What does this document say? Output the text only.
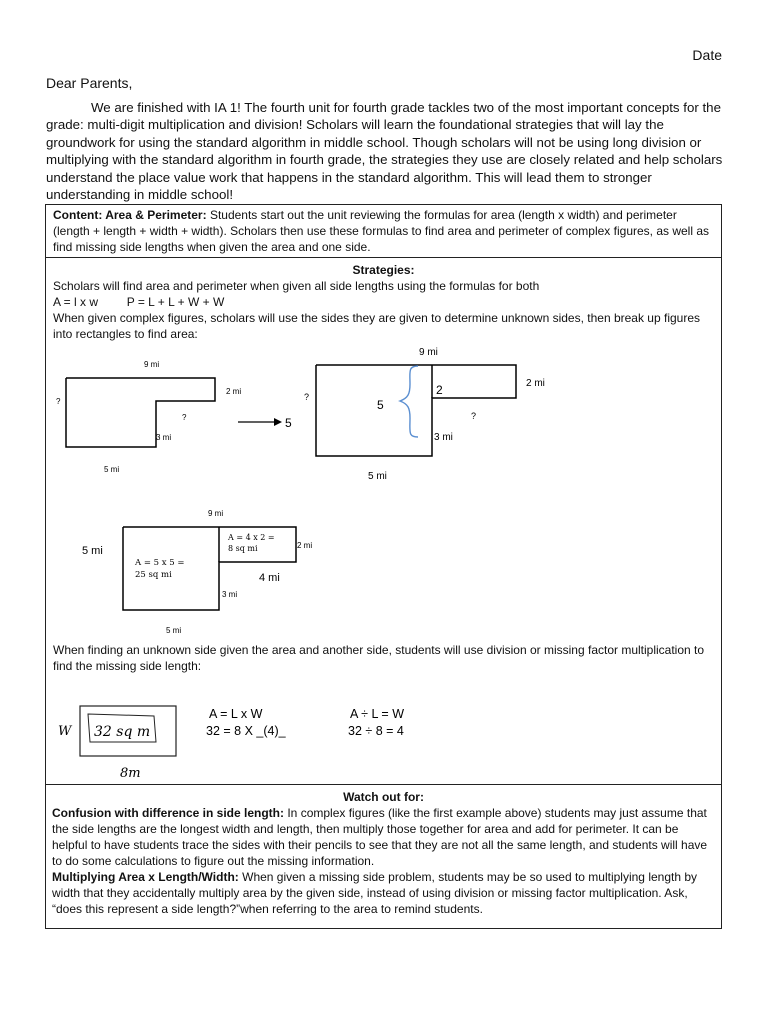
Date
Dear Parents,

We are finished with IA 1! The fourth unit for fourth grade tackles two of the most important concepts for the grade: multi-digit multiplication and division! Scholars will learn the foundational strategies that will lay the groundwork for using the standard algorithm in middle school. Though scholars will not be using long division or multiplying with the standard algorithm in fourth grade, the strategies they use are closely related and help scholars understand the place value work that happens in the standard algorithm. This will lead them to stronger understanding in middle school!

Content: Area & Perimeter: Students start out the unit reviewing the formulas for area (length x width) and perimeter (length + length + width + width). Scholars then use these formulas to find area and perimeter of complex figures, as well as find missing side lengths when given the area and one side.
Strategies:
Scholars will find area and perimeter when given all side lengths using the formulas for both
A = l x w P = L + L + W + W
When given complex figures, scholars will use the sides they are given to determine unknown sides, then break up figures into rectangles to find area:
9 mi
2 mi
?
?
3 mi
5 mi
5
9 mi
2 mi
?
5
2
?
3 mi
5 mi
9 mi
5 mi	2 mi
A = 4 x 2 =
8 sq mi
A = 5 x 5 =
25 sq mi	4 mi
3 mi
5 mi
When finding an unknown side given the area and another side, students will use division or missing factor multiplication to find the missing side length:
W 32 sq m
8m
A = L x W
32 = 8 X _(4)_
A ÷ L = W
32 ÷ 8 = 4
Watch out for:
Confusion with difference in side length: In complex figures (like the first example above) students may just assume that the side lengths are the longest width and length, then multiply those together for area and add for perimeter. It can be helpful to have students trace the sides with their pencils to see that they are not all the same length, and students will have to do some calculations to figure out the missing information.
Multiplying Area x Length/Width: When given a missing side problem, students may be so used to multiplying length by width that they accidentally multiply area by the given side, instead of using division or missing factor multiplication. Ask, “does this represent a side length?”when referring to the area to remind students.
